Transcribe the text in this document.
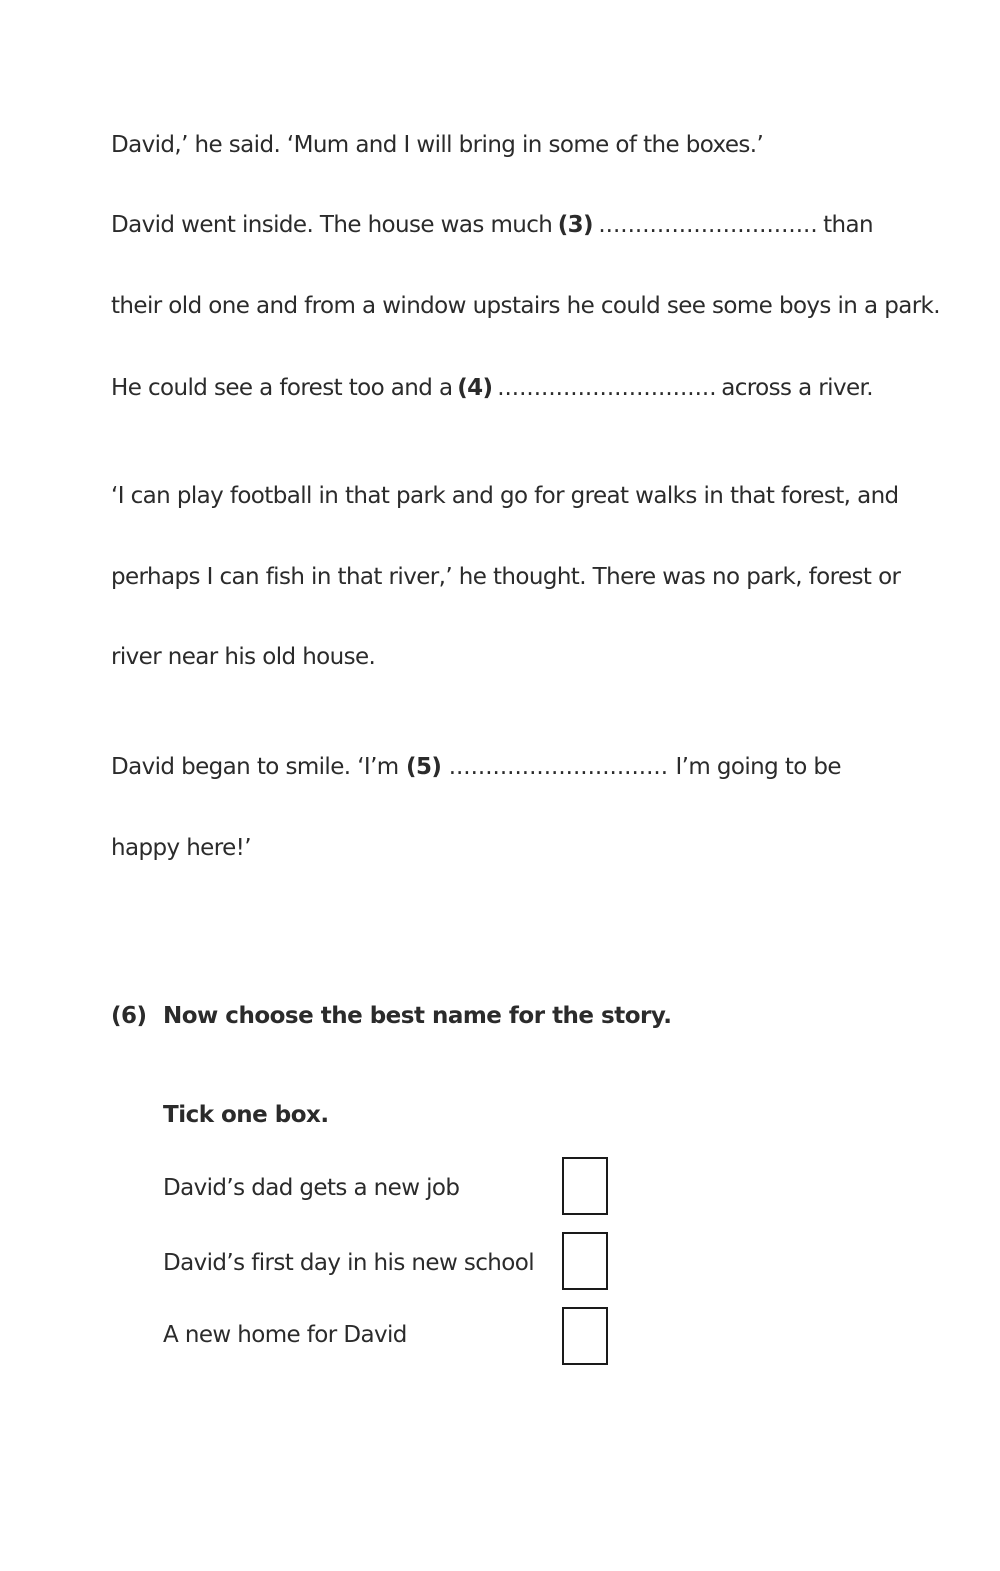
David,’ he said. ‘Mum and I will bring in some of the boxes.’
David went inside. The house was much (3) .............................. than
their old one and from a window upstairs he could see some boys in a park.
He could see a forest too and a (4) .............................. across a river.
‘I can play football in that park and go for great walks in that forest, and
perhaps I can fish in that river,’ he thought. There was no park, forest or
river near his old house.
David began to smile. ‘I’m (5) .............................. I’m going to be
happy here!’
(6) Now choose the best name for the story.
Tick one box.
David’s dad gets a new job
David’s first day in his new school
A new home for David
